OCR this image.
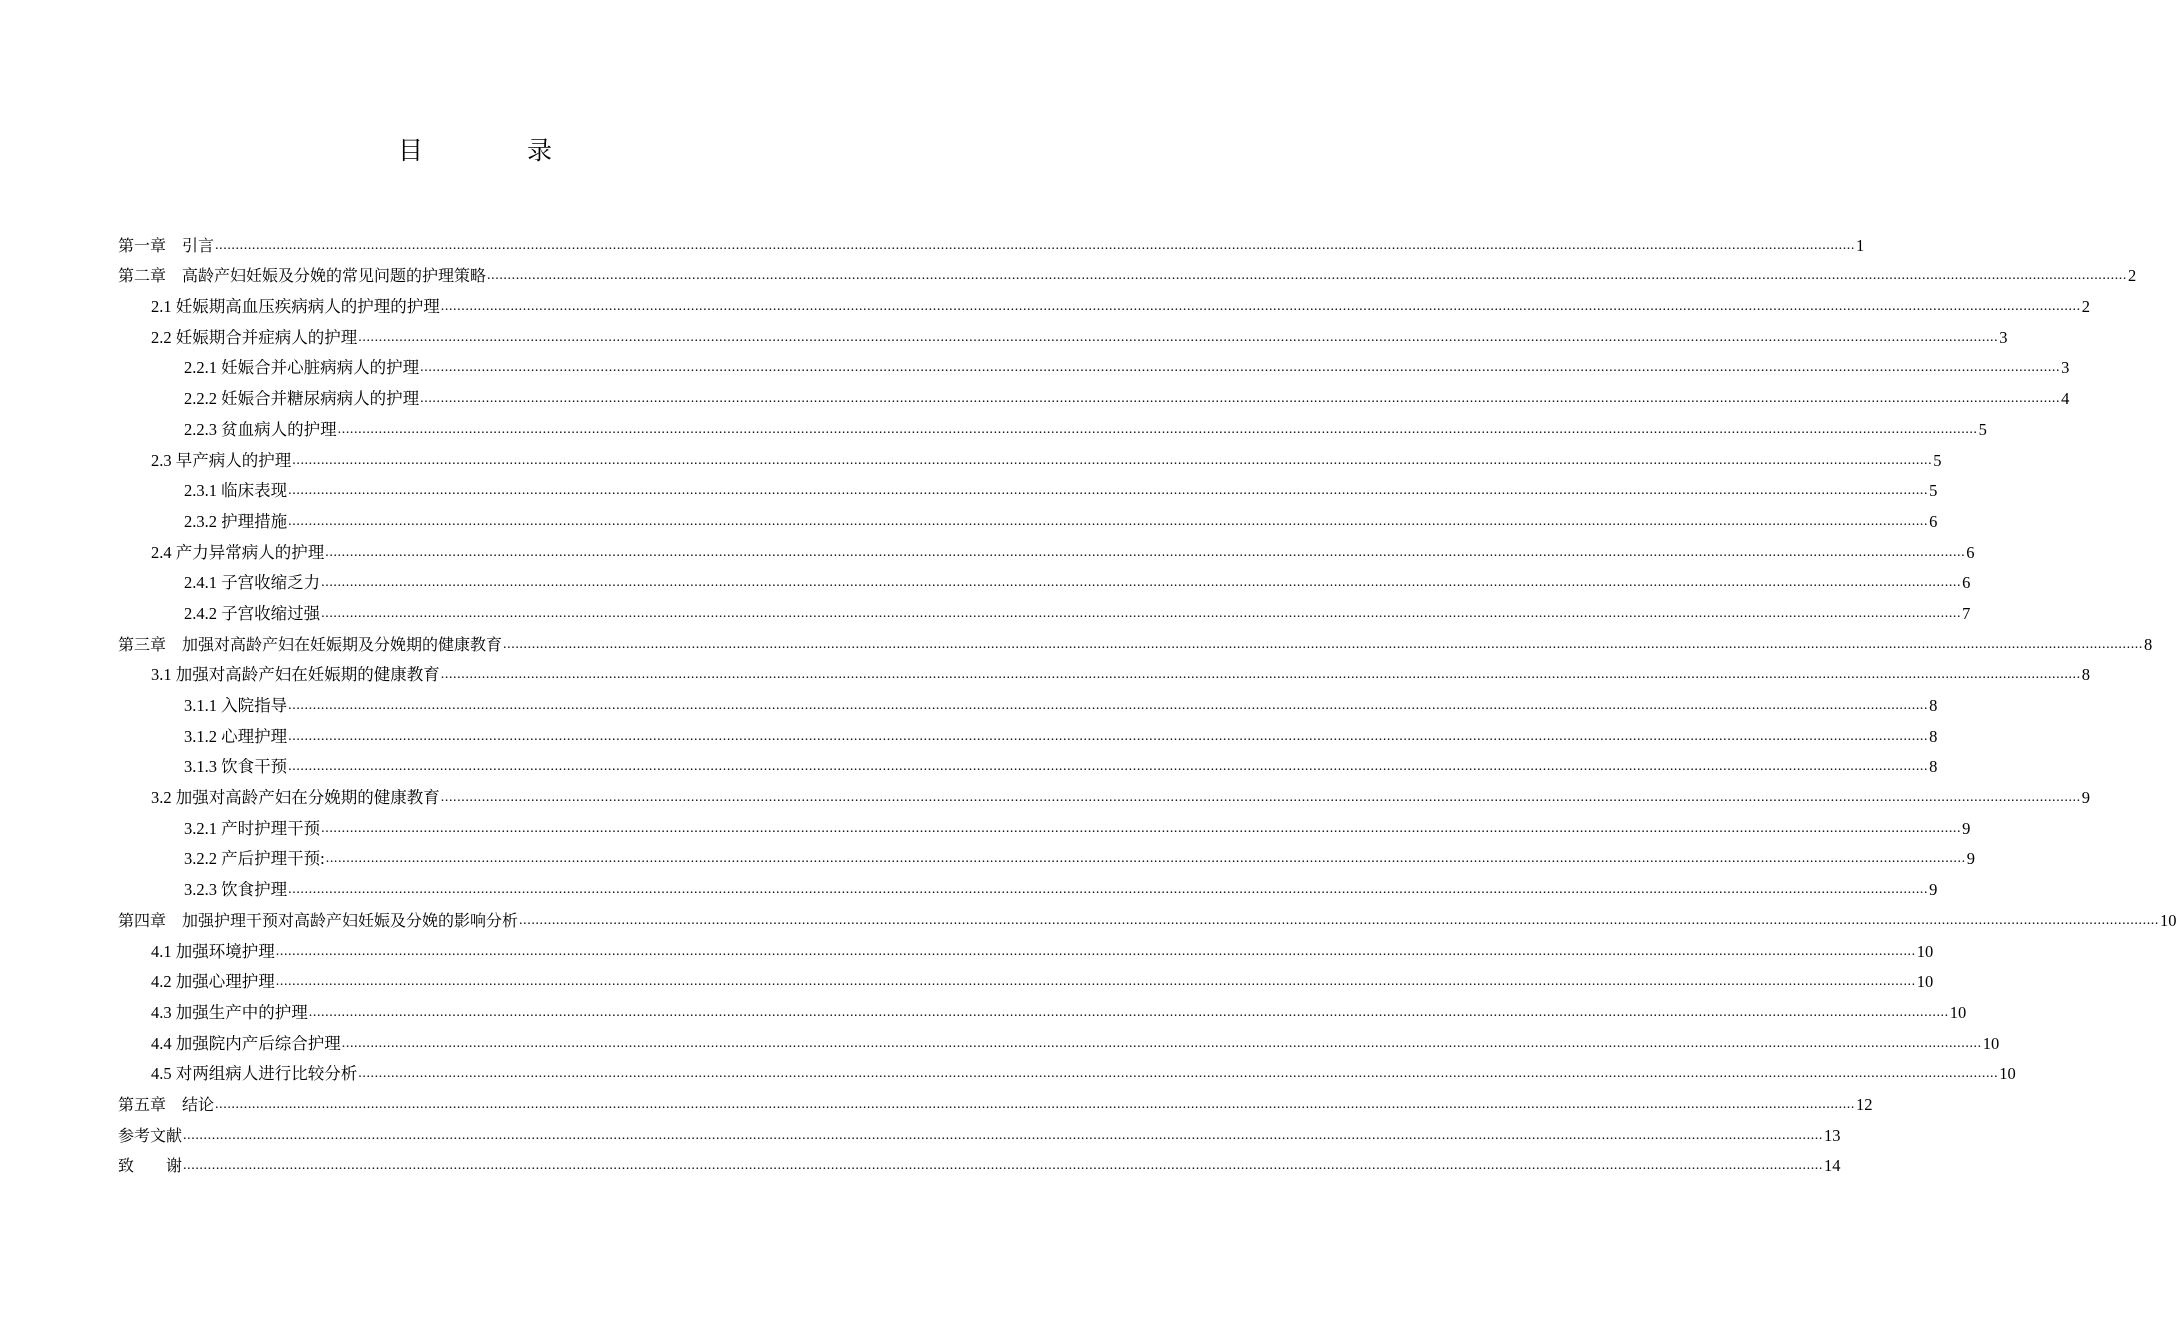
目 录
第一章　引言 ................................................................................................................................................................................................................................................................................................................................................................................................................ 1
第二章　高龄产妇妊娠及分娩的常见问题的护理策略 ................................................................................................................................................................................................................................................................................................................................................................................................................ 2
2.1 妊娠期高血压疾病病人的护理的护理 ................................................................................................................................................................................................................................................................................................................................................................................................................ 2
2.2 妊娠期合并症病人的护理 ................................................................................................................................................................................................................................................................................................................................................................................................................ 3
2.2.1 妊娠合并心脏病病人的护理 ................................................................................................................................................................................................................................................................................................................................................................................................................ 3
2.2.2 妊娠合并糖尿病病人的护理 ................................................................................................................................................................................................................................................................................................................................................................................................................ 4
2.2.3 贫血病人的护理 ................................................................................................................................................................................................................................................................................................................................................................................................................ 5
2.3 早产病人的护理 ................................................................................................................................................................................................................................................................................................................................................................................................................ 5
2.3.1 临床表现 ................................................................................................................................................................................................................................................................................................................................................................................................................ 5
2.3.2 护理措施 ................................................................................................................................................................................................................................................................................................................................................................................................................ 6
2.4 产力异常病人的护理 ................................................................................................................................................................................................................................................................................................................................................................................................................ 6
2.4.1 子宫收缩乏力 ................................................................................................................................................................................................................................................................................................................................................................................................................ 6
2.4.2 子宫收缩过强 ................................................................................................................................................................................................................................................................................................................................................................................................................ 7
第三章　加强对高龄产妇在妊娠期及分娩期的健康教育 ................................................................................................................................................................................................................................................................................................................................................................................................................ 8
3.1 加强对高龄产妇在妊娠期的健康教育 ................................................................................................................................................................................................................................................................................................................................................................................................................ 8
3.1.1 入院指导 ................................................................................................................................................................................................................................................................................................................................................................................................................ 8
3.1.2 心理护理 ................................................................................................................................................................................................................................................................................................................................................................................................................ 8
3.1.3 饮食干预 ................................................................................................................................................................................................................................................................................................................................................................................................................ 8
3.2 加强对高龄产妇在分娩期的健康教育 ................................................................................................................................................................................................................................................................................................................................................................................................................ 9
3.2.1 产时护理干预 ................................................................................................................................................................................................................................................................................................................................................................................................................ 9
3.2.2 产后护理干预: ................................................................................................................................................................................................................................................................................................................................................................................................................ 9
3.2.3 饮食护理 ................................................................................................................................................................................................................................................................................................................................................................................................................ 9
第四章　加强护理干预对高龄产妇妊娠及分娩的影响分析 ................................................................................................................................................................................................................................................................................................................................................................................................................ 10
4.1 加强环境护理 ................................................................................................................................................................................................................................................................................................................................................................................................................ 10
4.2 加强心理护理 ................................................................................................................................................................................................................................................................................................................................................................................................................ 10
4.3 加强生产中的护理 ................................................................................................................................................................................................................................................................................................................................................................................................................ 10
4.4 加强院内产后综合护理 ................................................................................................................................................................................................................................................................................................................................................................................................................ 10
4.5 对两组病人进行比较分析 ................................................................................................................................................................................................................................................................................................................................................................................................................ 10
第五章　结论 ................................................................................................................................................................................................................................................................................................................................................................................................................ 12
参考文献 ................................................................................................................................................................................................................................................................................................................................................................................................................ 13
致　　谢 ................................................................................................................................................................................................................................................................................................................................................................................................................ 14
